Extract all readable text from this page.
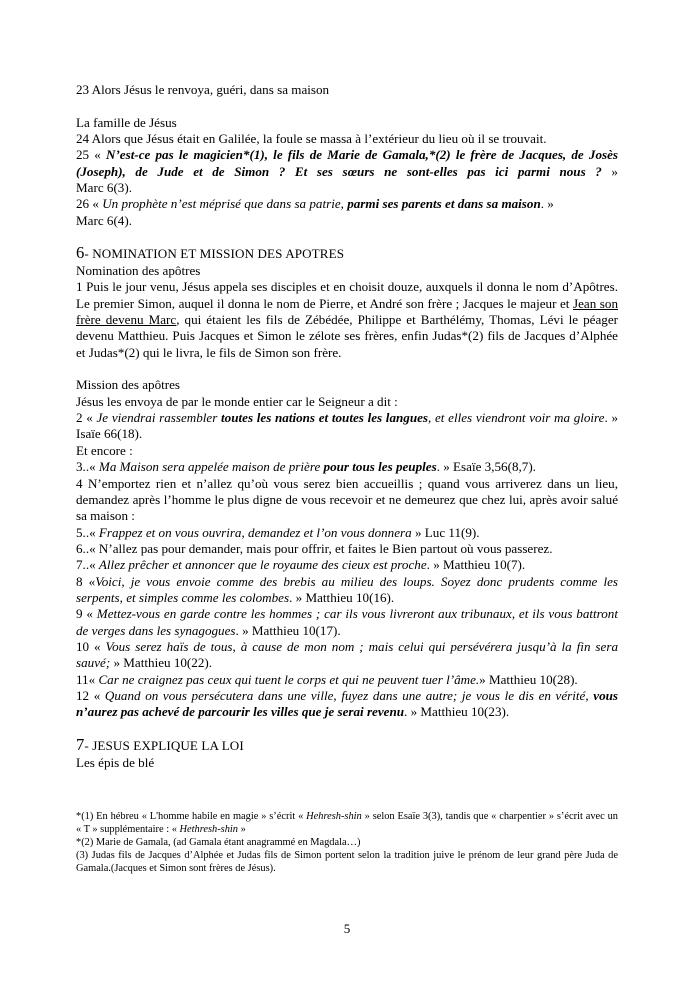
23 Alors Jésus le renvoya, guéri, dans sa maison

La famille de Jésus

24 Alors que Jésus était en Galilée, la foule se massa à l’extérieur du lieu où il se trouvait.

25 « N’est-ce pas le magicien*(1), le fils de Marie de Gamala,*(2) le frère de Jacques, de Josès (Joseph), de Jude et de Simon ? Et ses sœurs ne sont-elles pas ici parmi nous ? »

Marc 6(3).

26 « Un prophète n’est méprisé que dans sa patrie, parmi ses parents et dans sa maison. »

Marc 6(4).

6- NOMINATION ET MISSION DES APOTRES

Nomination des apôtres

1 Puis le jour venu, Jésus appela ses disciples et en choisit douze, auxquels il donna le nom d’Apôtres. Le premier Simon, auquel il donna le nom de Pierre, et André son frère ; Jacques le majeur et Jean son frère devenu Marc, qui étaient les fils de Zébédée, Philippe et Barthélémy, Thomas, Lévi le péager devenu Matthieu. Puis Jacques et Simon le zélote ses frères, enfin Judas*(2) fils de Jacques d’Alphée et Judas*(2) qui le livra, le fils de Simon son frère.

Mission des apôtres

Jésus les envoya de par le monde entier car le Seigneur a dit :

2 « Je viendrai rassembler toutes les nations et toutes les langues, et elles viendront voir ma gloire. » Isaïe 66(18).

Et encore :

3..« Ma Maison sera appelée maison de prière pour tous les peuples. » Esaïe 3,56(8,7).

4 N’emportez rien et n’allez qu’où vous serez bien accueillis ; quand vous arriverez dans un lieu, demandez après l’homme le plus digne de vous recevoir et ne demeurez que chez lui, après avoir salué sa maison :

5..« Frappez et on vous ouvrira, demandez et l’on vous donnera » Luc 11(9).

6..« N’allez pas pour demander, mais pour offrir, et faites le Bien partout où vous passerez.

7..« Allez prêcher et annoncer que le royaume des cieux est proche. » Matthieu 10(7).

8 «Voici, je vous envoie comme des brebis au milieu des loups. Soyez donc prudents comme les serpents, et simples comme les colombes. » Matthieu 10(16).

9 « Mettez-vous en garde contre les hommes ; car ils vous livreront aux tribunaux, et ils vous battront de verges dans les synagogues. » Matthieu 10(17).

10 « Vous serez haïs de tous, à cause de mon nom ; mais celui qui persévérera jusqu’à la fin sera sauvé; » Matthieu 10(22).

11« Car ne craignez pas ceux qui tuent le corps et qui ne peuvent tuer l’âme.» Matthieu 10(28).

12 « Quand on vous persécutera dans une ville, fuyez dans une autre; je vous le dis en vérité, vous n’aurez pas achevé de parcourir les villes que je serai revenu. » Matthieu 10(23).

7- JESUS EXPLIQUE LA LOI

Les épis de blé

*(1) En hébreu « L'homme habile en magie » s’écrit « Hehresh-shin » selon Esaïe 3(3), tandis que « charpentier » s’écrit avec un « T » supplémentaire : « Hethresh-shin »

*(2) Marie de Gamala, (ad Gamala étant anagrammé en Magdala…)

(3) Judas fils de Jacques d’Alphée et Judas fils de Simon portent selon la tradition juive le prénom de leur grand père Juda de Gamala.(Jacques et Simon sont frères de Jésus).

5
